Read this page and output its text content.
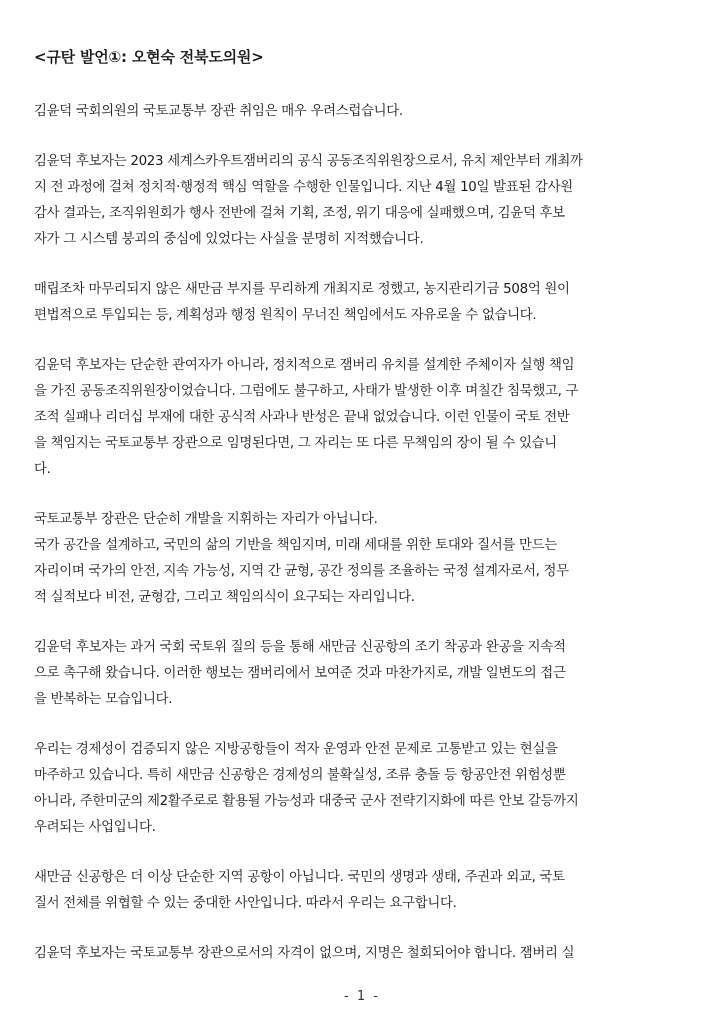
<규탄 발언①: 오현숙 전북도의원>
김윤덕 국회의원의 국토교통부 장관 취임은 매우 우려스럽습니다.
김윤덕 후보자는 2023 세계스카우트잼버리의 공식 공동조직위원장으로서, 유치 제안부터 개최까
지 전 과정에 걸쳐 정치적·행정적 핵심 역할을 수행한 인물입니다. 지난 4월 10일 발표된 감사원
감사 결과는, 조직위원회가 행사 전반에 걸쳐 기획, 조정, 위기 대응에 실패했으며, 김윤덕 후보
자가 그 시스템 붕괴의 중심에 있었다는 사실을 분명히 지적했습니다.
매립조차 마무리되지 않은 새만금 부지를 무리하게 개최지로 정했고, 농지관리기금 508억 원이
편법적으로 투입되는 등, 계획성과 행정 원칙이 무너진 책임에서도 자유로울 수 없습니다.
김윤덕 후보자는 단순한 관여자가 아니라, 정치적으로 잼버리 유치를 설계한 주체이자 실행 책임
을 가진 공동조직위원장이었습니다. 그럼에도 불구하고, 사태가 발생한 이후 며칠간 침묵했고, 구
조적 실패나 리더십 부재에 대한 공식적 사과나 반성은 끝내 없었습니다. 이런 인물이 국토 전반
을 책임지는 국토교통부 장관으로 임명된다면, 그 자리는 또 다른 무책임의 장이 될 수 있습니
다.
국토교통부 장관은 단순히 개발을 지휘하는 자리가 아닙니다.
국가 공간을 설계하고, 국민의 삶의 기반을 책임지며, 미래 세대를 위한 토대와 질서를 만드는
자리이며 국가의 안전, 지속 가능성, 지역 간 균형, 공간 정의를 조율하는 국정 설계자로서, 정무
적 실적보다 비전, 균형감, 그리고 책임의식이 요구되는 자리입니다.
김윤덕 후보자는 과거 국회 국토위 질의 등을 통해 새만금 신공항의 조기 착공과 완공을 지속적
으로 촉구해 왔습니다. 이러한 행보는 잼버리에서 보여준 것과 마찬가지로, 개발 일변도의 접근
을 반복하는 모습입니다.
우리는 경제성이 검증되지 않은 지방공항들이 적자 운영과 안전 문제로 고통받고 있는 현실을
마주하고 있습니다. 특히 새만금 신공항은 경제성의 불확실성, 조류 충돌 등 항공안전 위험성뿐
아니라, 주한미군의 제2활주로로 활용될 가능성과 대중국 군사 전략기지화에 따른 안보 갈등까지
우려되는 사업입니다.
새만금 신공항은 더 이상 단순한 지역 공항이 아닙니다. 국민의 생명과 생태, 주권과 외교, 국토
질서 전체를 위협할 수 있는 중대한 사안입니다. 따라서 우리는 요구합니다.
김윤덕 후보자는 국토교통부 장관으로서의 자격이 없으며, 지명은 철회되어야 합니다. 잼버리 실
- 1 -
